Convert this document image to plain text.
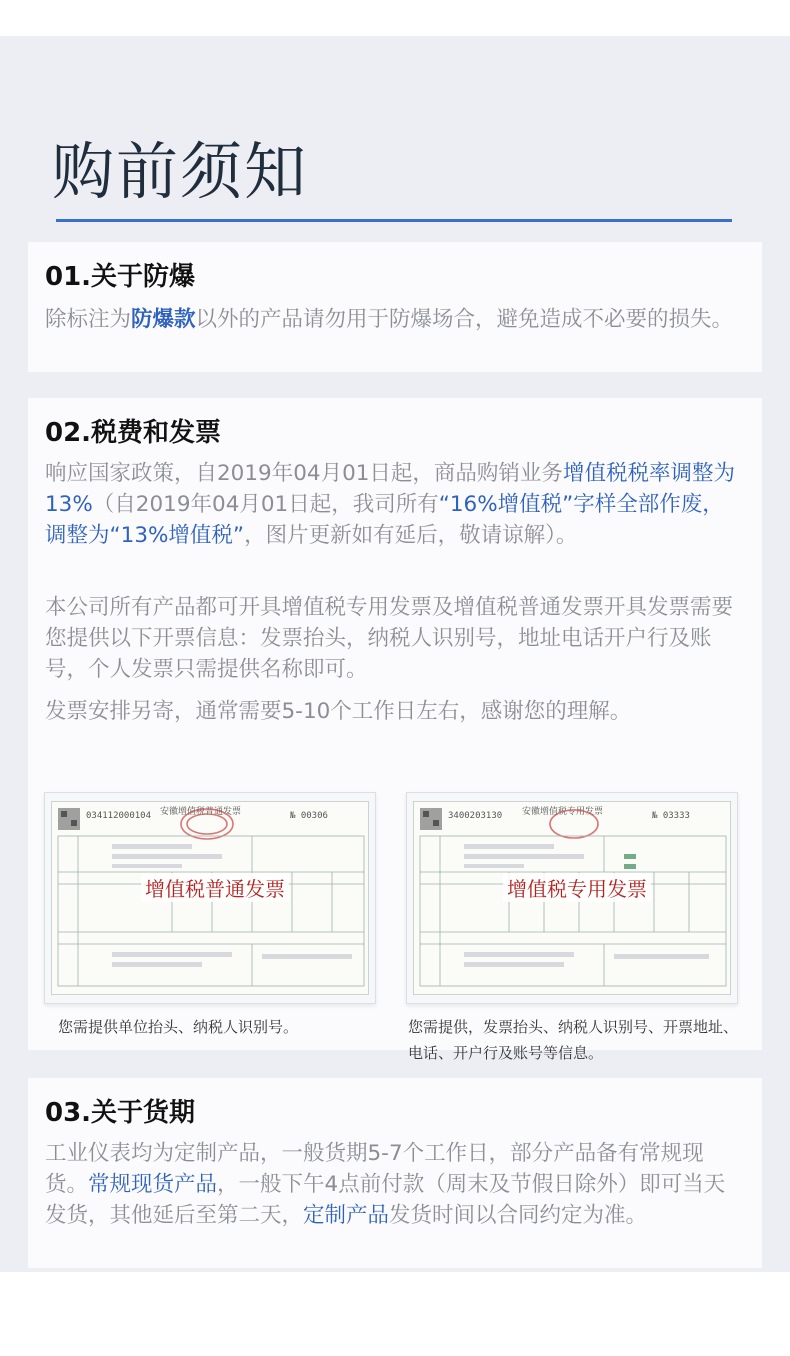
购前须知
01.关于防爆

除标注为防爆款以外的产品请勿用于防爆场合，避免造成不必要的损失。

02.税费和发票

响应国家政策，自2019年04月01日起，商品购销业务增值税税率调整为13%（自2019年04月01日起，我司所有“16%增值税”字样全部作废，调整为“13%增值税”，图片更新如有延后，敬请谅解）。

本公司所有产品都可开具增值税专用发票及增值税普通发票开具发票需要您提供以下开票信息：发票抬头，纳税人识别号，地址电话开户行及账号，个人发票只需提供名称即可。

发票安排另寄，通常需要5-10个工作日左右，感谢您的理解。

034112000104 安徽增值税普通发票	№ 00306
增值税普通发票
您需提供单位抬头、纳税人识别号。
3400203130 安徽增值税专用发票	№ 03333
增值税专用发票
您需提供，发票抬头、纳税人识别号、开票地址、电话、开户行及账号等信息。
03.关于货期

工业仪表均为定制产品，一般货期5-7个工作日，部分产品备有常规现货。常规现货产品，一般下午4点前付款（周末及节假日除外）即可当天发货，其他延后至第二天，定制产品发货时间以合同约定为准。
